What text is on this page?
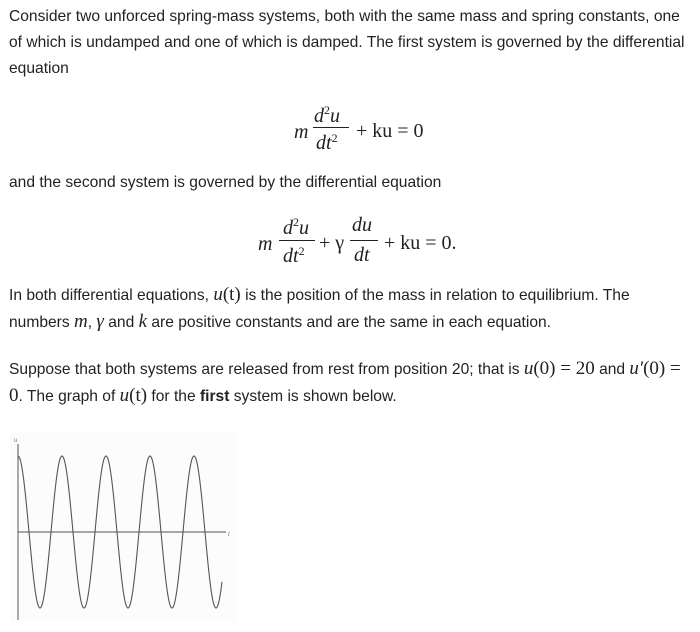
Consider two unforced spring-mass systems, both with the same mass and spring constants, one of which is undamped and one of which is damped. The first system is governed by the differential equation

m
$d^2u$
$dt^2$ + ku = 0

and the second system is governed by the differential equation

m
$d^2u$
$dt^2 + \gamma$
du
dt
+ ku = 0.

In both differential equations, u(t) is the position of the mass in relation to equilibrium. The numbers m, γ and k are positive constants and are the same in each equation.

Suppose that both systems are released from rest from position 20; that is u(0) = 20 and u′(0) = 0. The graph of u(t) for the first system is shown below.

u
t
